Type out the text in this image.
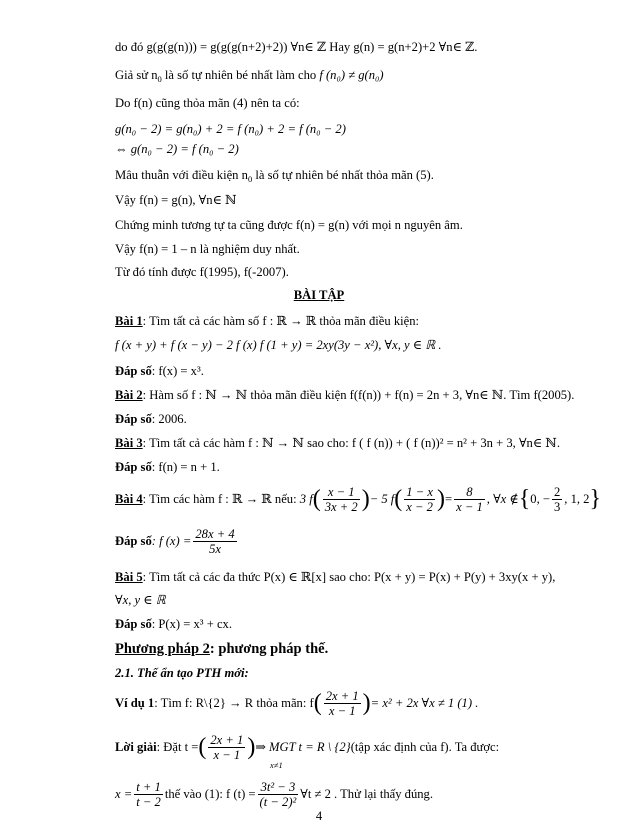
do đó g(g(g(n))) = g(g(g(n+2)+2)) ∀n∈ ℤ Hay g(n) = g(n+2)+2 ∀n∈ ℤ.
Giả sử $n_0$ là số tự nhiên bé nhất làm cho f (n₀) ≠ g(n₀)
Do f(n) cũng thỏa mãn (4) nên ta có:
g(n₀ − 2) = g(n₀) + 2 = f (n₀) + 2 = f (n₀ − 2)
⇔ g(n₀ − 2) = f (n₀ − 2)
Mâu thuẫn với điều kiện $n_0$ là số tự nhiên bé nhất thỏa mãn (5).
Vậy f(n) = g(n), ∀n∈ ℕ
Chứng minh tương tự ta cũng được f(n) = g(n) với mọi n nguyên âm.
Vậy f(n) = 1 – n là nghiệm duy nhất.
Từ đó tính được f(1995), f(-2007).
BÀI TẬP
Bài 1: Tìm tất cả các hàm số f : ℝ → ℝ thỏa mãn điều kiện:
f (x + y) + f (x − y) − 2 f (x) f (1 + y) = 2xy(3y − x²), ∀x, y ∈ ℝ .
Đáp số: f(x) = x³.
Bài 2: Hàm số f : ℕ → ℕ thỏa mãn điều kiện f(f(n)) + f(n) = 2n + 3, ∀n∈ ℕ. Tìm f(2005).
Đáp số: 2006.
Bài 3: Tìm tất cả các hàm f : ℕ → ℕ sao cho: f ( f (n)) + ( f (n))² = n² + 3n + 3, ∀n∈ ℕ.
Đáp số: f(n) = n + 1.
Bài 4 : Tìm các hàm f : ℝ → ℝ nếu:
3 f ( $\frac{x - 1}{3x + 2}$ ) − 5 f ( $\frac{1 - x}{x - 2}$ ) = $\frac{8}{x - 1}$ , ∀x ∉ { 0, − $\frac{2}{3}$ , 1, 2 }
Đáp số : f $(x) = \frac{28x + 4}{5x}$
Bài 5: Tìm tất cả các đa thức P(x) ∈ ℝ[x] sao cho: P(x + y) = P(x) + P(y) + 3xy(x + y),
∀x, y ∈ ℝ
Đáp số: P(x) = x³ + cx.
Phương pháp 2: phương pháp thế.
2.1. Thế ẩn tạo PTH mới:
Ví dụ 1 : Tìm f: R\{2} → R thỏa mãn: f ( $\frac{2x + 1}{x - 1}$ ) = x² + 2x ∀x ≠ 1 (1) .
Lời giải : Đặt t = ( $\frac{2x + 1}{x - 1}$ ) ⇒ MGT t = R \ {2} (tập xác định của f). Ta được:
x≠1
$x = \frac{t + 1}{t - 2}$ thế vào (1): f $(t) = \frac{\text{3t² − 3}}{\text{(t − 2)²}}$ ∀t ≠ 2 . Thử lại thấy đúng.
4
